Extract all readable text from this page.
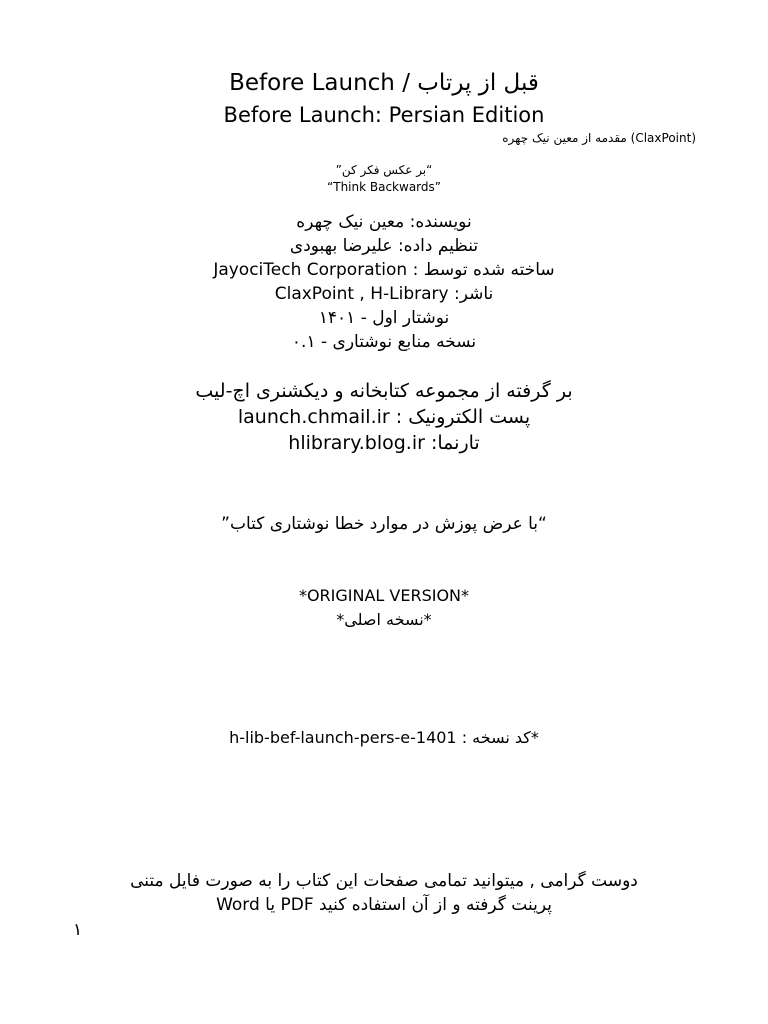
Before Launch / قبل از پرتاب
Before Launch: Persian Edition
(ClaxPoint) مقدمه از معین نیک چهره
“بر عکس فکر کن”
“Think Backwards”
نویسنده: معین نیک چهره
تنظیم داده: علیرضا بهبودی
ساخته شده توسط : JayociTech Corporation
ناشر: ClaxPoint , H-Library
نوشتار اول - ۱۴۰۱
نسخه منابع نوشتاری - ۰.۱
بر گرفته از مجموعه کتابخانه و دیکشنری اچ-لیب
پست الکترونیک : launch.chmail.ir
تارنما: hlibrary.blog.ir
“با عرض پوزش در موارد خطا نوشتاری کتاب”
*ORIGINAL VERSION*
*نسخه اصلی*
*کد نسخه : h-lib-bef-launch-pers-e-1401
دوست گرامی , میتوانید تمامی صفحات این کتاب را به صورت فایل متنی
پرینت گرفته و از آن استفاده کنید PDF یا Word
۱
